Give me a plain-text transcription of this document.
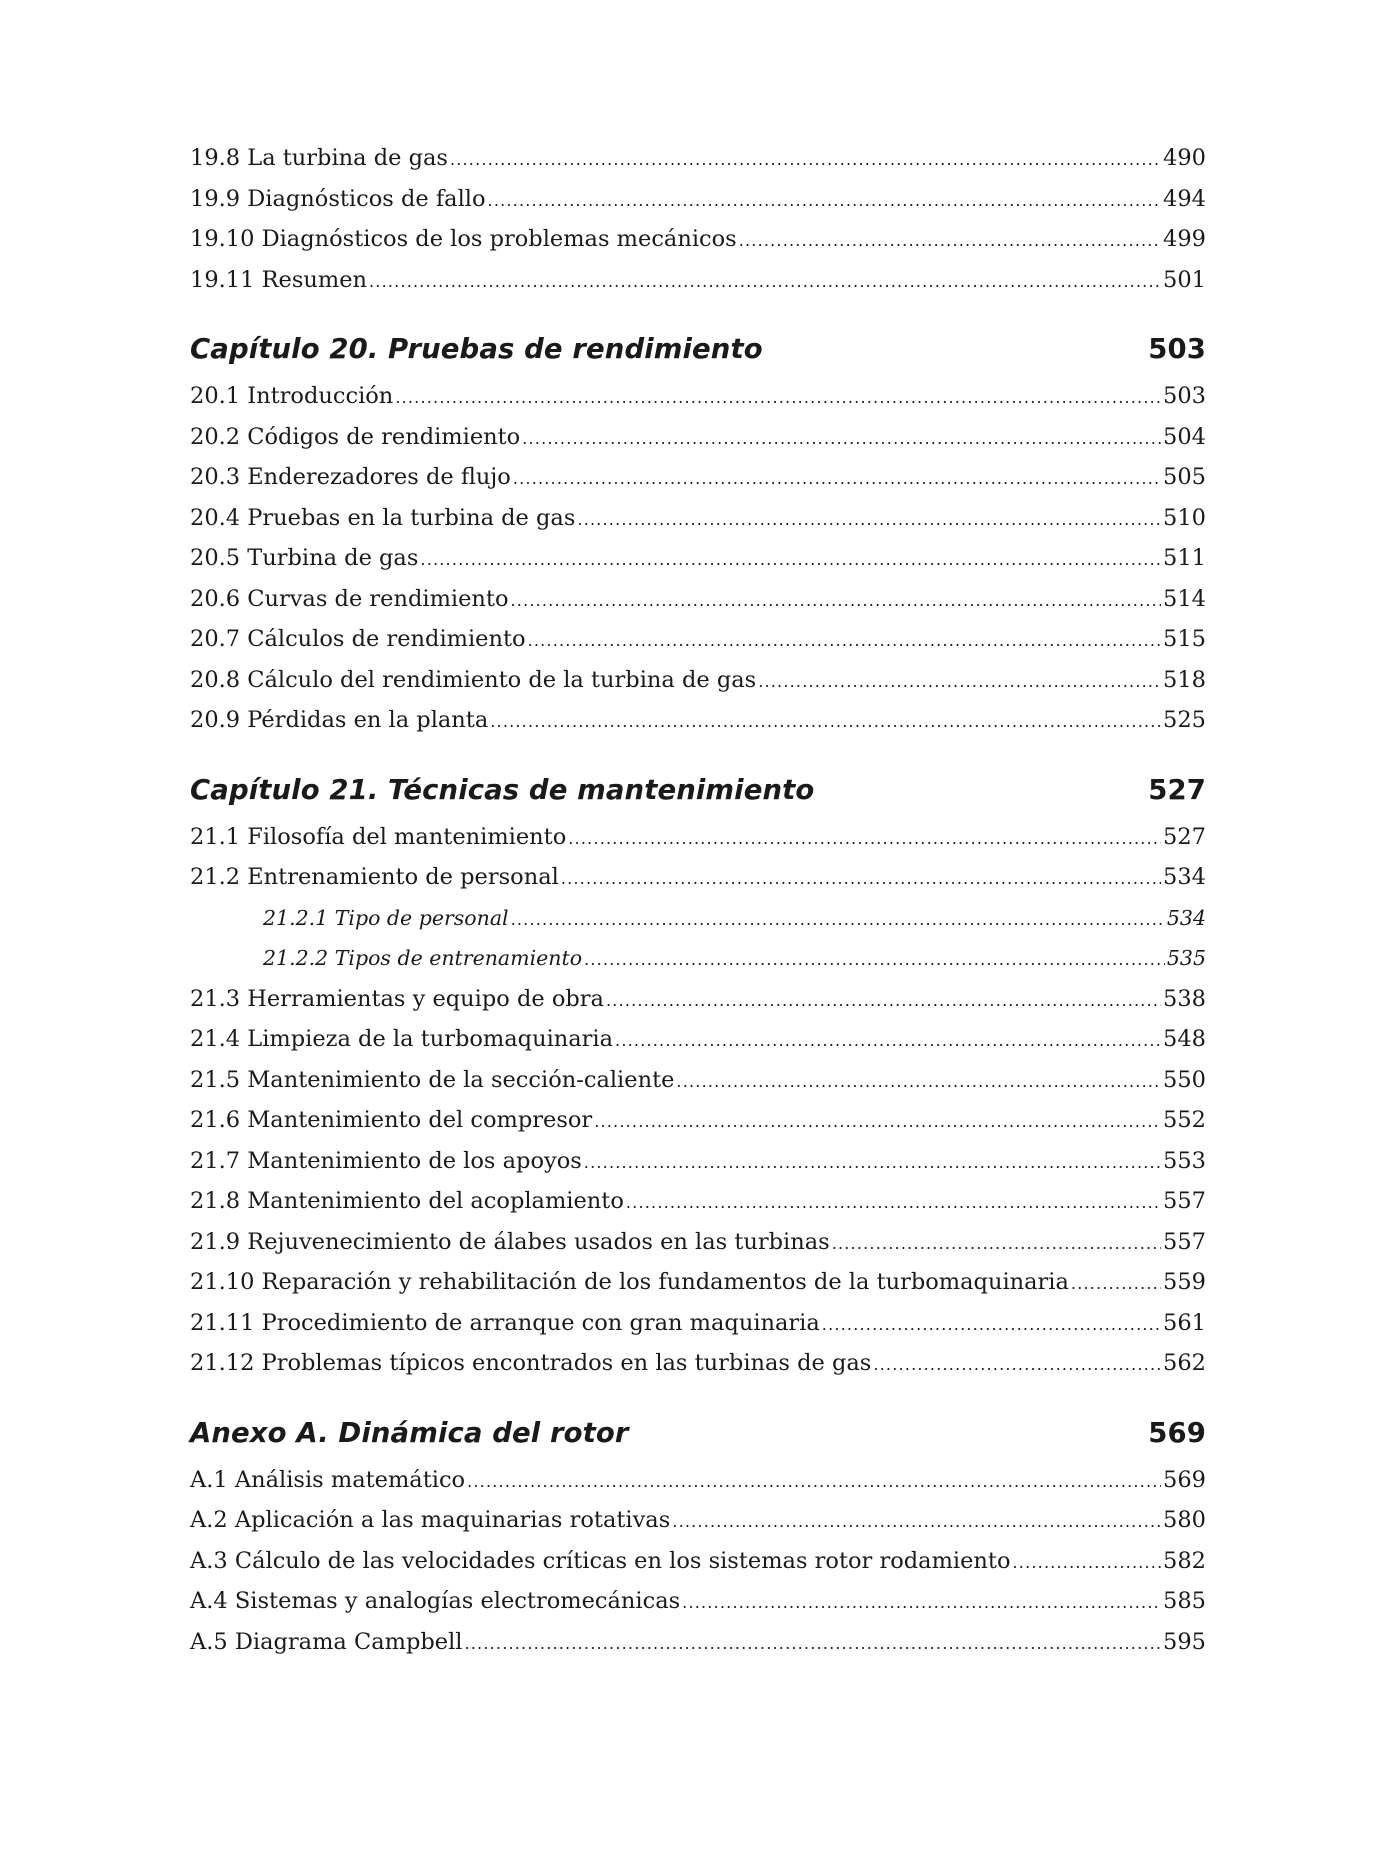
19.8 La turbina de gas .....	490
19.9 Diagnósticos de fallo .....	494
19.10 Diagnósticos de los problemas mecánicos .....	499
19.11 Resumen .....	501
Capítulo 20. Pruebas de rendimiento	503
20.1 Introducción .....	503
20.2 Códigos de rendimiento .....	504
20.3 Enderezadores de flujo .....	505
20.4 Pruebas en la turbina de gas .....	510
20.5 Turbina de gas .....	511
20.6 Curvas de rendimiento .....	514
20.7 Cálculos de rendimiento .....	515
20.8 Cálculo del rendimiento de la turbina de gas .....	518
20.9 Pérdidas en la planta .....	525
Capítulo 21. Técnicas de mantenimiento	527
21.1 Filosofía del mantenimiento .....	527
21.2 Entrenamiento de personal .....	534
21.2.1 Tipo de personal .....	534
21.2.2 Tipos de entrenamiento .....	535
21.3 Herramientas y equipo de obra .....	538
21.4 Limpieza de la turbomaquinaria .....	548
21.5 Mantenimiento de la sección-caliente .....	550
21.6 Mantenimiento del compresor .....	552
21.7 Mantenimiento de los apoyos .....	553
21.8 Mantenimiento del acoplamiento .....	557
21.9 Rejuvenecimiento de álabes usados en las turbinas .....	557
21.10 Reparación y rehabilitación de los fundamentos de la turbomaquinaria .....	559
21.11 Procedimiento de arranque con gran maquinaria .....	561
21.12 Problemas típicos encontrados en las turbinas de gas .....	562
Anexo A. Dinámica del rotor	569
A.1 Análisis matemático .....	569
A.2 Aplicación a las maquinarias rotativas .....	580
A.3 Cálculo de las velocidades críticas en los sistemas rotor rodamiento .....	582
A.4 Sistemas y analogías electromecánicas .....	585
A.5 Diagrama Campbell .....	595
